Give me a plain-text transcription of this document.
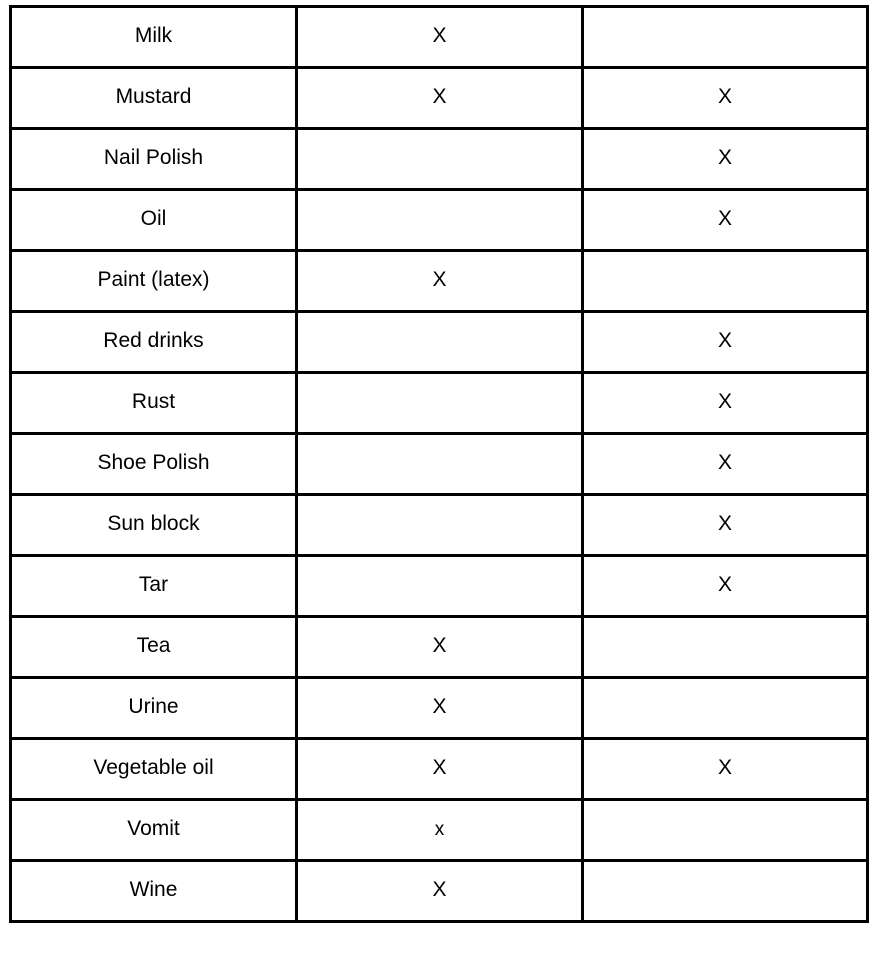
Milk	X	
Mustard	X	X
Nail Polish		X
Oil		X
Paint (latex)	X	
Red drinks		X
Rust		X
Shoe Polish		X
Sun block		X
Tar		X
Tea	X	
Urine	X	
Vegetable oil	X	X
Vomit	x	
Wine	X	
